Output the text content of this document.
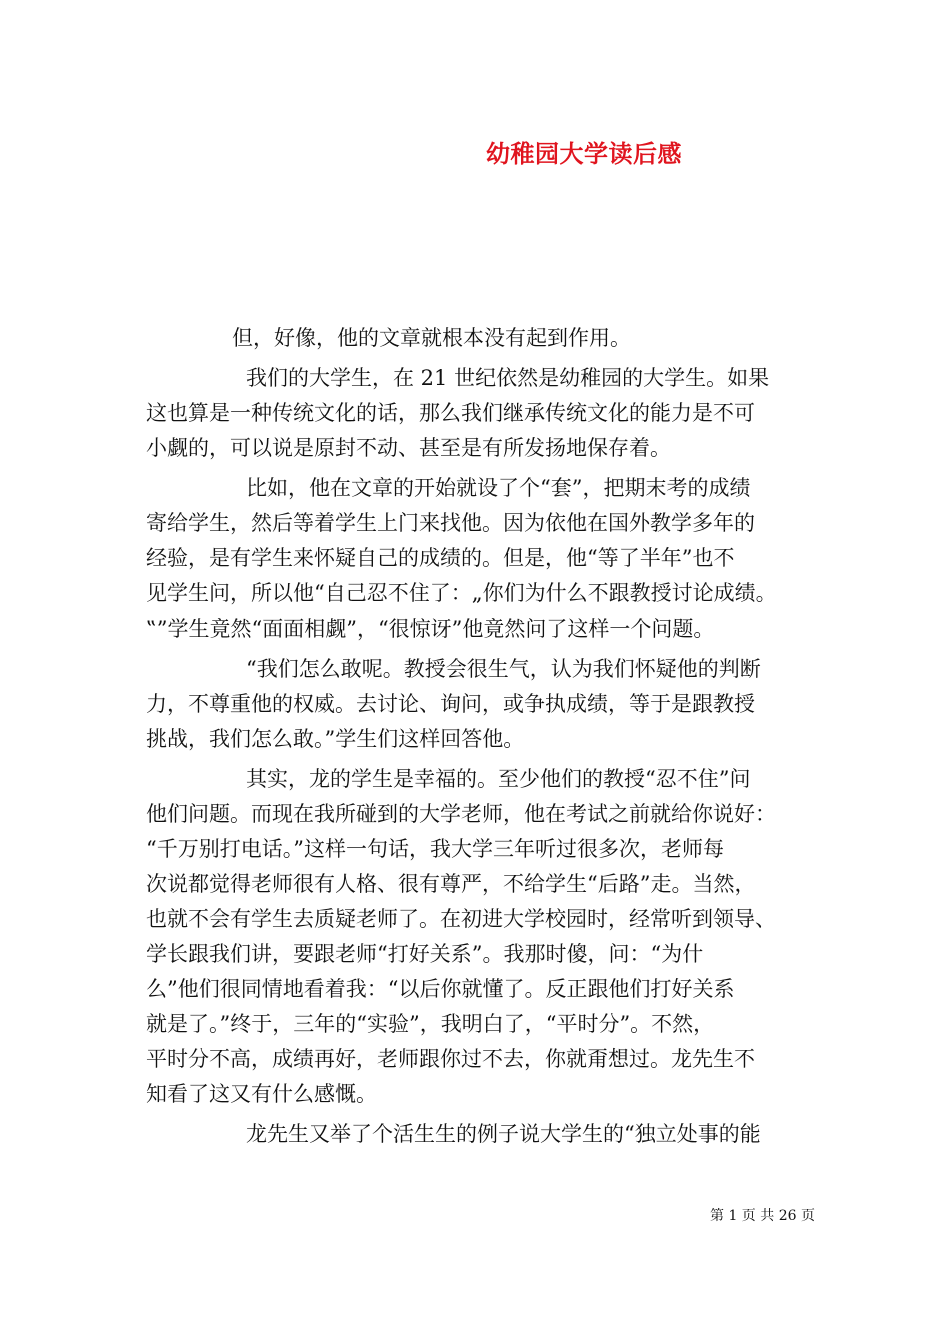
幼稚园大学读后感
但，好像，他的文章就根本没有起到作用。
我们的大学生，在 21 世纪依然是幼稚园的大学生。如果
这也算是一种传统文化的话，那么我们继承传统文化的能力是不可
小觑的，可以说是原封不动、甚至是有所发扬地保存着。
比如，他在文章的开始就设了个“套”，把期末考的成绩
寄给学生，然后等着学生上门来找他。因为依他在国外教学多年的
经验，是有学生来怀疑自己的成绩的。但是，他“等了半年”也不
见学生问，所以他“自己忍不住了：„你们为什么不跟教授讨论成绩。
‟”学生竟然“面面相觑”，“很惊讶”他竟然问了这样一个问题。
“我们怎么敢呢。教授会很生气，认为我们怀疑他的判断
力，不尊重他的权威。去讨论、询问，或争执成绩，等于是跟教授
挑战，我们怎么敢。”学生们这样回答他。
其实，龙的学生是幸福的。至少他们的教授“忍不住”问
他们问题。而现在我所碰到的大学老师，他在考试之前就给你说好：
“千万别打电话。”这样一句话，我大学三年听过很多次，老师每
次说都觉得老师很有人格、很有尊严，不给学生“后路”走。当然，
也就不会有学生去质疑老师了。在初进大学校园时，经常听到领导、
学长跟我们讲，要跟老师“打好关系”。我那时傻，问：“为什
么”他们很同情地看着我：“以后你就懂了。反正跟他们打好关系
就是了。”终于，三年的“实验”，我明白了，“平时分”。不然，
平时分不高，成绩再好，老师跟你过不去，你就甭想过。龙先生不
知看了这又有什么感慨。
龙先生又举了个活生生的例子说大学生的“独立处事的能
第 1 页 共 26 页
